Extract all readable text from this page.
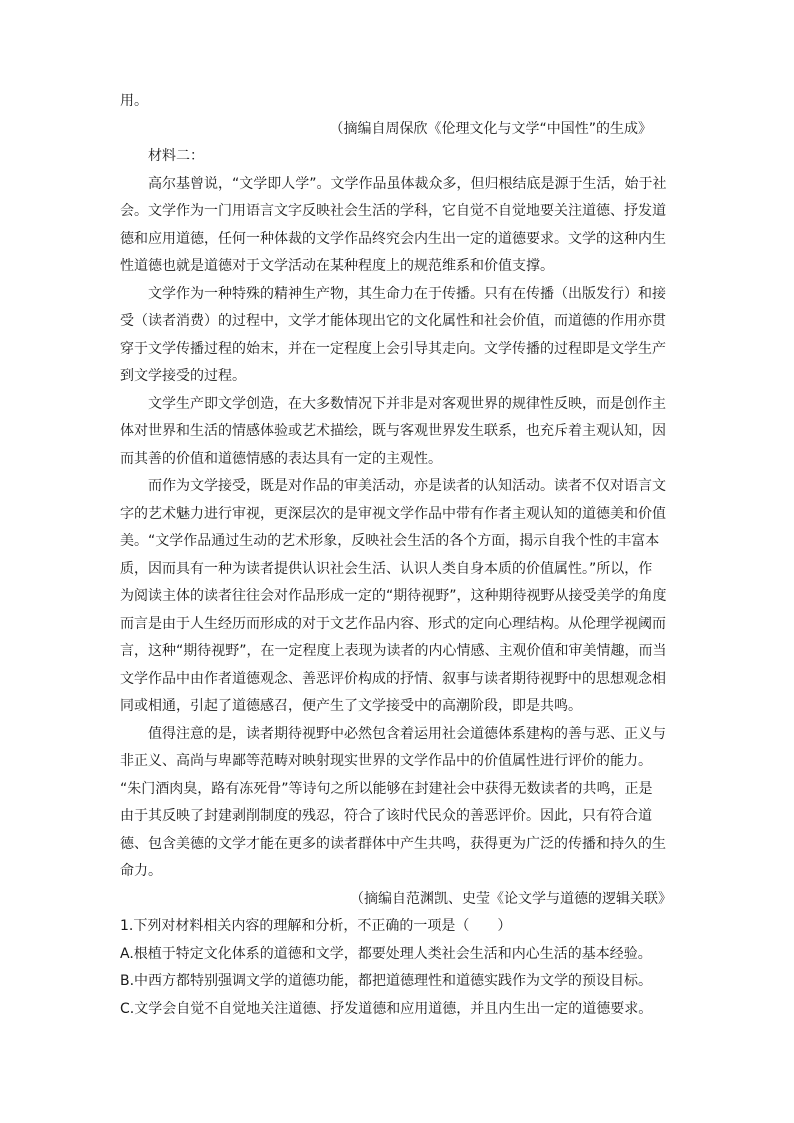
用。
（摘编自周保欣《伦理文化与文学“中国性”的生成》
材料二：
高尔基曾说，“文学即人学”。文学作品虽体裁众多，但归根结底是源于生活，始于社
会。文学作为一门用语言文字反映社会生活的学科，它自觉不自觉地要关注道德、抒发道
德和应用道德，任何一种体裁的文学作品终究会内生出一定的道德要求。文学的这种内生
性道德也就是道德对于文学活动在某种程度上的规范维系和价值支撑。
文学作为一种特殊的精神生产物，其生命力在于传播。只有在传播（出版发行）和接
受（读者消费）的过程中，文学才能体现出它的文化属性和社会价值，而道德的作用亦贯
穿于文学传播过程的始末，并在一定程度上会引导其走向。文学传播的过程即是文学生产
到文学接受的过程。
文学生产即文学创造，在大多数情况下并非是对客观世界的规律性反映，而是创作主
体对世界和生活的情感体验或艺术描绘，既与客观世界发生联系，也充斥着主观认知，因
而其善的价值和道德情感的表达具有一定的主观性。
而作为文学接受，既是对作品的审美活动，亦是读者的认知活动。读者不仅对语言文
字的艺术魅力进行审视，更深层次的是审视文学作品中带有作者主观认知的道德美和价值
美。“文学作品通过生动的艺术形象，反映社会生活的各个方面，揭示自我个性的丰富本
质，因而具有一种为读者提供认识社会生活、认识人类自身本质的价值属性。”所以，作
为阅读主体的读者往往会对作品形成一定的“期待视野”，这种期待视野从接受美学的角度
而言是由于人生经历而形成的对于文艺作品内容、形式的定向心理结构。从伦理学视阈而
言，这种“期待视野”，在一定程度上表现为读者的内心情感、主观价值和审美情趣，而当
文学作品中由作者道德观念、善恶评价构成的抒情、叙事与读者期待视野中的思想观念相
同或相通，引起了道德感召，便产生了文学接受中的高潮阶段，即是共鸣。
值得注意的是，读者期待视野中必然包含着运用社会道德体系建构的善与恶、正义与
非正义、高尚与卑鄙等范畴对映射现实世界的文学作品中的价值属性进行评价的能力。
“朱门酒肉臭，路有冻死骨”等诗句之所以能够在封建社会中获得无数读者的共鸣，正是
由于其反映了封建剥削制度的残忍，符合了该时代民众的善恶评价。因此，只有符合道
德、包含美德的文学才能在更多的读者群体中产生共鸣，获得更为广泛的传播和持久的生
命力。
（摘编自范渊凯、史莹《论文学与道德的逻辑关联》
1.下列对材料相关内容的理解和分析，不正确的一项是（　　）
A.根植于特定文化体系的道德和文学，都要处理人类社会生活和内心生活的基本经验。
B.中西方都特别强调文学的道德功能，都把道德理性和道德实践作为文学的预设目标。
C.文学会自觉不自觉地关注道德、抒发道德和应用道德，并且内生出一定的道德要求。
